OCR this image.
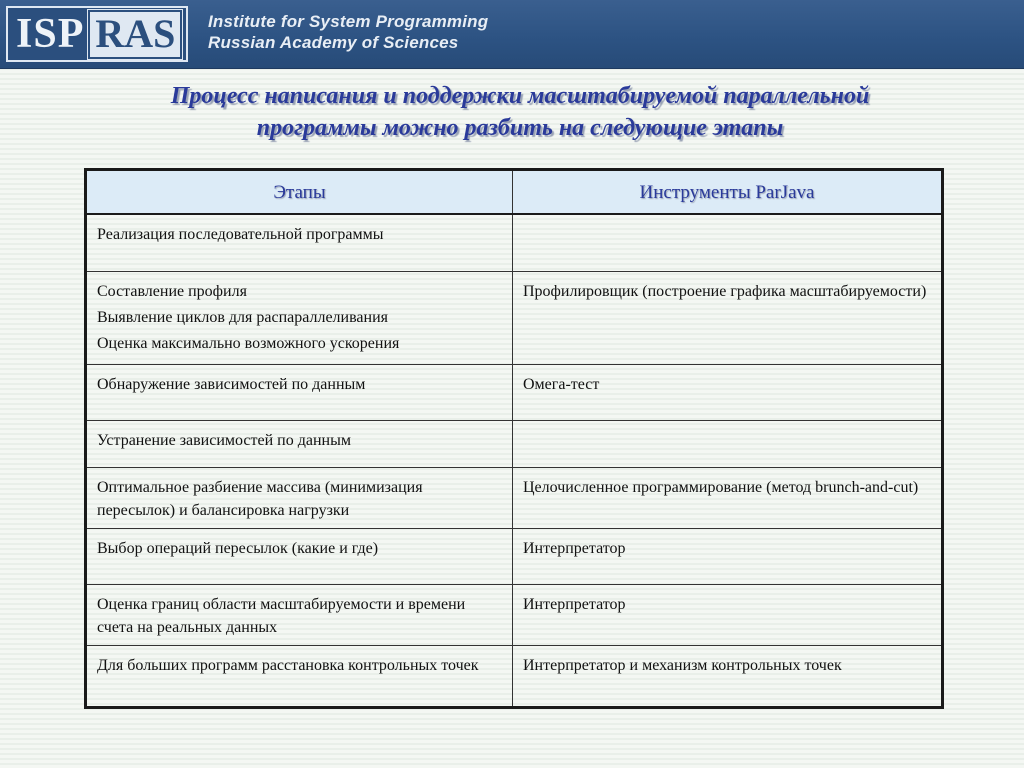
ISP RAS	Institute for System Programming
Russian Academy of Sciences
Процесс написания и поддержки масштабируемой параллельной
программы можно разбить на следующие этапы
Этапы	Инструменты ParJava

Реализация последовательной программы	

Составление профиля
Выявление циклов для распараллеливания
Оценка максимально возможного ускорения	Профилировщик (построение графика масштабируемости)

Обнаружение зависимостей по данным	Омега-тест

Устранение зависимостей по данным	

Оптимальное разбиение массива (минимизация пересылок) и балансировка нагрузки	Целочисленное программирование (метод brunch-and-cut)

Выбор операций пересылок (какие и где)	Интерпретатор

Оценка границ области масштабируемости и времени счета на реальных данных	Интерпретатор

Для больших программ расстановка контрольных точек	Интерпретатор и механизм контрольных точек
